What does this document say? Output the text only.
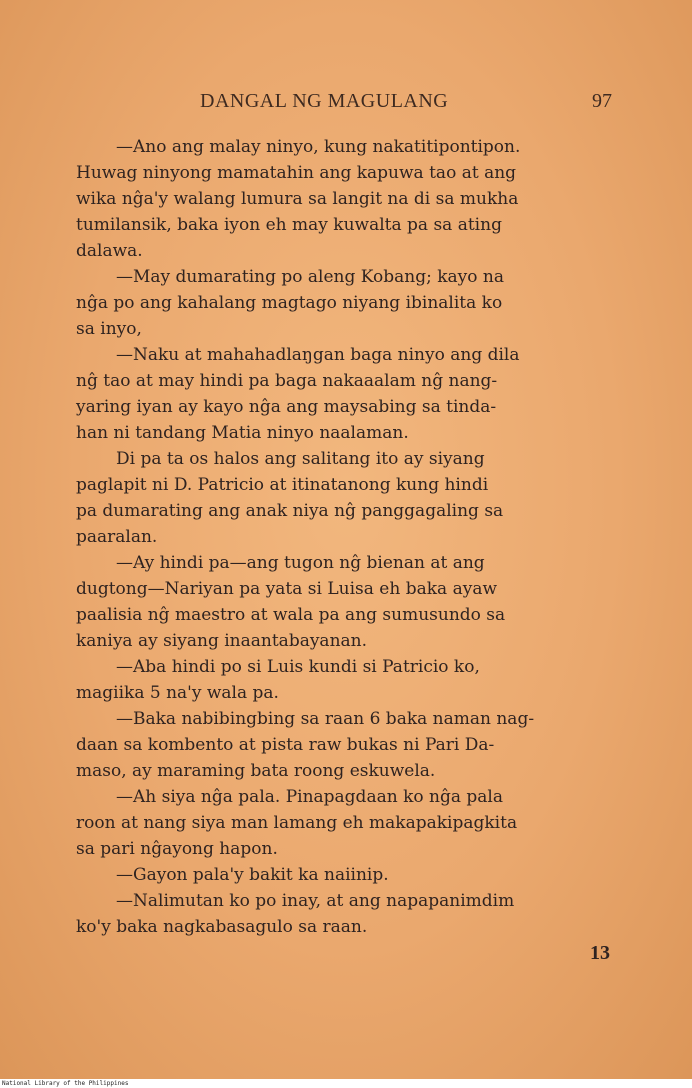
DANGAL NG MAGULANG	97
—Ano ang malay ninyo, kung nakatitipontipon.
Huwag ninyong mamatahin ang kapuwa tao at ang
wika nĝa'y walang lumura sa langit na di sa mukha
tumilansik, baka iyon eh may kuwalta pa sa ating
dalawa.
—May dumarating po aleng Kobang; kayo na
nĝa po ang kahalang magtago niyang ibinalita ko
sa inyo,
—Naku at mahahadlaŋgan baga ninyo ang dila
nĝ tao at may hindi pa baga nakaaalam nĝ nang-
yaring iyan ay kayo nĝa ang maysabing sa tinda-
han ni tandang Matia ninyo naalaman.
Di pa ta os halos ang salitang ito ay siyang
paglapit ni D. Patricio at itinatanong kung hindi
pa dumarating ang anak niya nĝ panggagaling sa
paaralan.
—Ay hindi pa—ang tugon nĝ bienan at ang
dugtong—Nariyan pa yata si Luisa eh baka ayaw
paalisia nĝ maestro at wala pa ang sumusundo sa
kaniya ay siyang inaantabayanan.
—Aba hindi po si Luis kundi si Patricio ko,
magiika 5 na'y wala pa.
—Baka nabibingbing sa raan 6 baka naman nag-
daan sa kombento at pista raw bukas ni Pari Da-
maso, ay maraming bata roong eskuwela.
—Ah siya nĝa pala. Pinapagdaan ko nĝa pala
roon at nang siya man lamang eh makapakipagkita
sa pari nĝayong hapon.
—Gayon pala'y bakit ka naiinip.
—Nalimutan ko po inay, at ang napapanimdim
ko'y baka nagkabasagulo sa raan.
13
National Library of the Philippines
